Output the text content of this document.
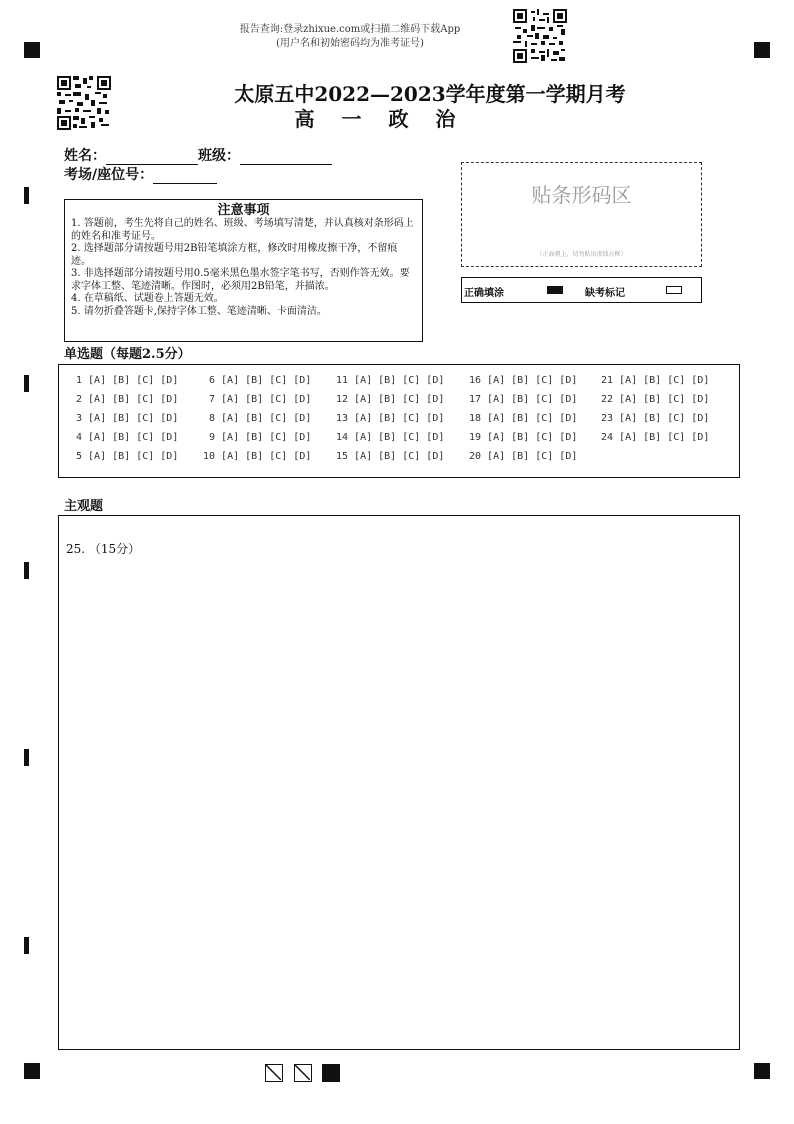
报告查询:登录zhixue.com或扫描二维码下载App
(用户名和初始密码均为准考证号)
太原五中2022—2023学年度第一学期月考
高 一 政 治
姓名：	班级：
考场/座位号：
注意事项
1. 答题前，考生先将自己的姓名、班级、考场填写清楚，并认真核对条形码上的姓名和准考证号。
2. 选择题部分请按题号用2B铅笔填涂方框，修改时用橡皮擦干净，不留痕迹。
3. 非选择题部分请按题号用0.5毫米黑色墨水签字笔书写，否则作答无效。要求字体工整、笔迹清晰。作图时，必须用2B铅笔，并描浓。
4. 在草稿纸、试题卷上答题无效。
5. 请勿折叠答题卡,保持字体工整、笔迹清晰、卡面清洁。
贴条形码区
（正面朝上，切勿贴出虚线方框）
正确填涂	缺考标记
单选题（每题2.5分）
1 [A] [B] [C] [D]
2 [A] [B] [C] [D]
3 [A] [B] [C] [D]
4 [A] [B] [C] [D]
5 [A] [B] [C] [D]
6 [A] [B] [C] [D]
7 [A] [B] [C] [D]
8 [A] [B] [C] [D]
9 [A] [B] [C] [D]
10 [A] [B] [C] [D]
11 [A] [B] [C] [D]
12 [A] [B] [C] [D]
13 [A] [B] [C] [D]
14 [A] [B] [C] [D]
15 [A] [B] [C] [D]
16 [A] [B] [C] [D]
17 [A] [B] [C] [D]
18 [A] [B] [C] [D]
19 [A] [B] [C] [D]
20 [A] [B] [C] [D]
21 [A] [B] [C] [D]
22 [A] [B] [C] [D]
23 [A] [B] [C] [D]
24 [A] [B] [C] [D]
主观题
25. （15分）
